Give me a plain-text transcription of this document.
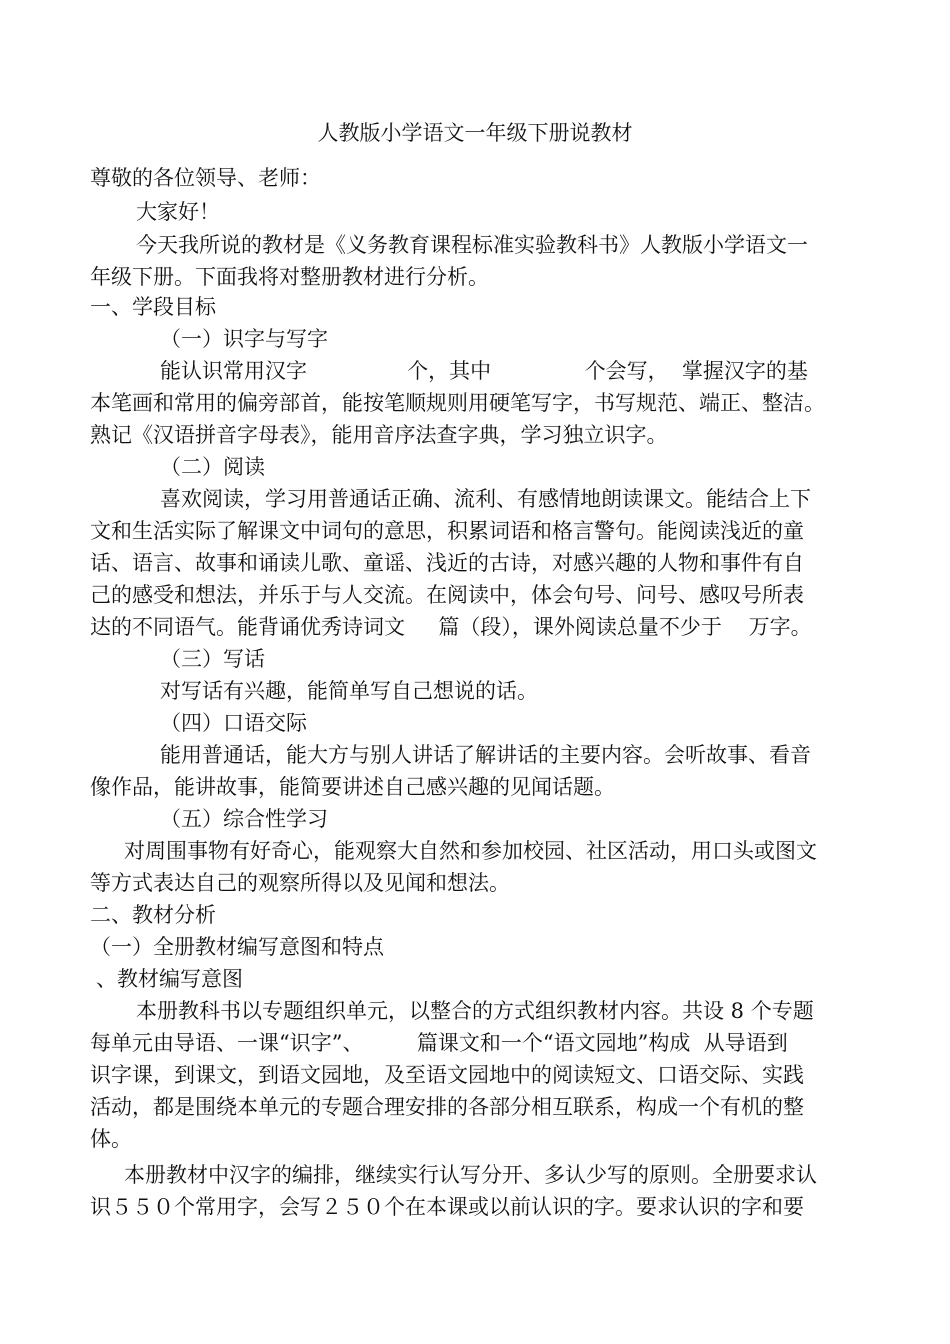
人教版小学语文一年级下册说教材
尊敬的各位领导、老师：
大家好！
今天我所说的教材是《义务教育课程标准实验教科书》人教版小学语文一
年级下册。下面我将对整册教材进行分析。
一、学段目标
（一）识字与写字
能认识常用汉字               个，其中              个会写，  掌握汉字的基
本笔画和常用的偏旁部首，能按笔顺规则用硬笔写字，书写规范、端正、整洁。
熟记《汉语拼音字母表》，能用音序法查字典，学习独立识字。
（二）阅读
喜欢阅读，学习用普通话正确、流利、有感情地朗读课文。能结合上下
文和生活实际了解课文中词句的意思，积累词语和格言警句。能阅读浅近的童
话、语言、故事和诵读儿歌、童谣、浅近的古诗，对感兴趣的人物和事件有自
己的感受和想法，并乐于与人交流。在阅读中，体会句号、问号、感叹号所表
达的不同语气。能背诵优秀诗词文     篇（段），课外阅读总量不少于    万字。
（三）写话
对写话有兴趣，能简单写自己想说的话。
（四）口语交际
能用普通话，能大方与别人讲话了解讲话的主要内容。会听故事、看音
像作品，能讲故事，能简要讲述自己感兴趣的见闻话题。
（五）综合性学习
对周围事物有好奇心，能观察大自然和参加校园、社区活动，用口头或图文
等方式表达自己的观察所得以及见闻和想法。
二、教材分析
（一）全册教材编写意图和特点
、教材编写意图
本册教科书以专题组织单元，以整合的方式组织教材内容。共设 8 个专题
每单元由导语、一课“识字”、        篇课文和一个“语文园地”构成  从导语到
识字课，到课文，到语文园地，及至语文园地中的阅读短文、口语交际、实践
活动，都是围绕本单元的专题合理安排的各部分相互联系，构成一个有机的整
体。
本册教材中汉字的编排，继续实行认写分开、多认少写的原则。全册要求认
识５５０个常用字，会写２５０个在本课或以前认识的字。要求认识的字和要
